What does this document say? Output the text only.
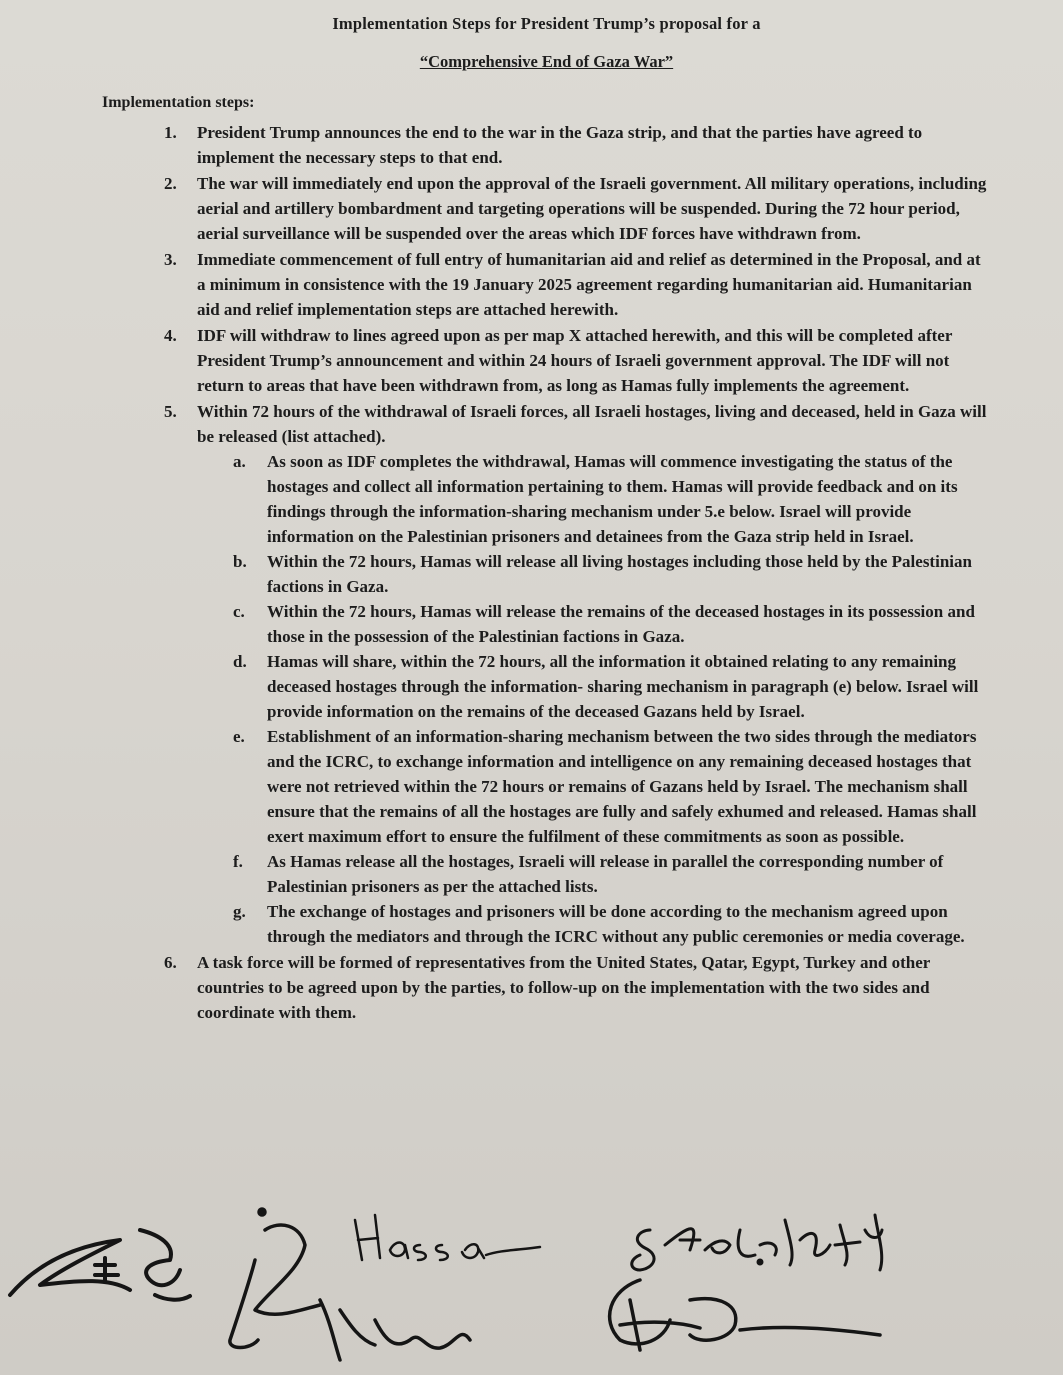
Implementation Steps for President Trump’s proposal for a

“Comprehensive End of Gaza War”

Implementation steps:

1.	President Trump announces the end to the war in the Gaza strip, and that the parties have agreed to implement the necessary steps to that end.
2.	The war will immediately end upon the approval of the Israeli government. All military operations, including aerial and artillery bombardment and targeting operations will be suspended. During the 72 hour period, aerial surveillance will be suspended over the areas which IDF forces have withdrawn from.
3.	Immediate commencement of full entry of humanitarian aid and relief as determined in the Proposal, and at a minimum in consistence with the 19 January 2025 agreement regarding humanitarian aid. Humanitarian aid and relief implementation steps are attached herewith.
4.	IDF will withdraw to lines agreed upon as per map X attached herewith, and this will be completed after President Trump’s announcement and within 24 hours of Israeli government approval. The IDF will not return to areas that have been withdrawn from, as long as Hamas fully implements the agreement.
5.	Within 72 hours of the withdrawal of Israeli forces, all Israeli hostages, living and deceased, held in Gaza will be released (list attached).
a. As soon as IDF completes the withdrawal, Hamas will commence investigating the status of the hostages and collect all information pertaining to them. Hamas will provide feedback and on its findings through the information-sharing mechanism under 5.e below. Israel will provide information on the Palestinian prisoners and detainees from the Gaza strip held in Israel.
b. Within the 72 hours, Hamas will release all living hostages including those held by the Palestinian factions in Gaza.
c. Within the 72 hours, Hamas will release the remains of the deceased hostages in its possession and those in the possession of the Palestinian factions in Gaza.
d. Hamas will share, within the 72 hours, all the information it obtained relating to any remaining deceased hostages through the information- sharing mechanism in paragraph (e) below. Israel will provide information on the remains of the deceased Gazans held by Israel.
e. Establishment of an information-sharing mechanism between the two sides through the mediators and the ICRC, to exchange information and intelligence on any remaining deceased hostages that were not retrieved within the 72 hours or remains of Gazans held by Israel. The mechanism shall ensure that the remains of all the hostages are fully and safely exhumed and released. Hamas shall exert maximum effort to ensure the fulfilment of these commitments as soon as possible.
f. As Hamas release all the hostages, Israeli will release in parallel the corresponding number of Palestinian prisoners as per the attached lists.
g. The exchange of hostages and prisoners will be done according to the mechanism agreed upon through the mediators and through the ICRC without any public ceremonies or media coverage.
6.	A task force will be formed of representatives from the United States, Qatar, Egypt, Turkey and other countries to be agreed upon by the parties, to follow-up on the implementation with the two sides and coordinate with them.
